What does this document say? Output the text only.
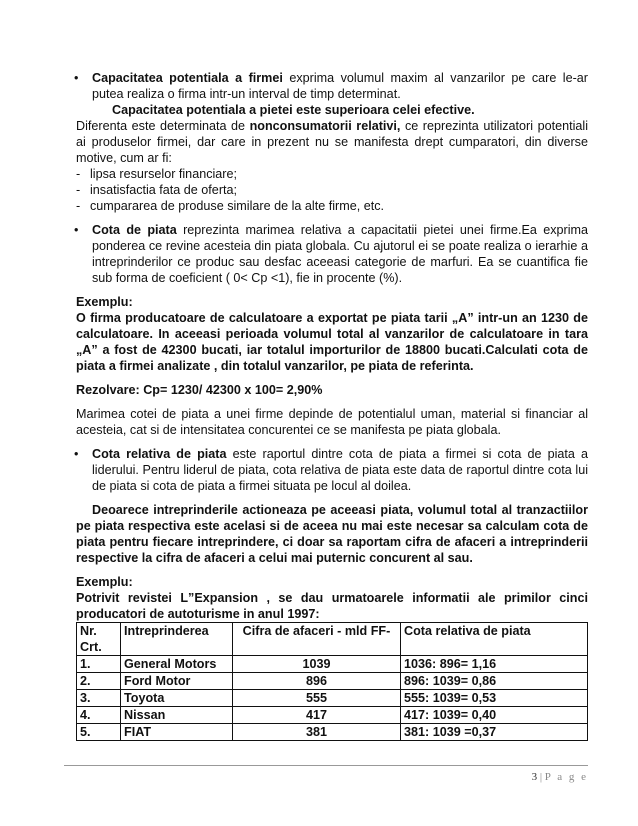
• Capacitatea potentiala a firmei exprima volumul maxim al vanzarilor pe care le-ar putea realiza o firma intr-un interval de timp determinat.

Capacitatea potentiala a pietei este superioara celei efective.

Diferenta este determinata de nonconsumatorii relativi, ce reprezinta utilizatori potentiali ai produselor firmei, dar care in prezent nu se manifesta drept cumparatori, din diverse motive, cum ar fi:

- lipsa resurselor financiare;

- insatisfactia fata de oferta;

- cumpararea de produse similare de la alte firme, etc.

• Cota de piata reprezinta marimea relativa a capacitatii pietei unei firme.Ea exprima ponderea ce revine acesteia din piata globala. Cu ajutorul ei se poate realiza o ierarhie a intreprinderilor ce produc sau desfac aceeasi categorie de marfuri. Ea se cuantifica fie sub forma de coeficient ( 0< Cp <1), fie in procente (%).

Exemplu:

O firma producatoare de calculatoare a exportat pe piata tarii „A” intr-un an 1230 de calculatoare. In aceeasi perioada volumul total al vanzarilor de calculatoare in tara „A” a fost de 42300 bucati, iar totalul importurilor de 18800 bucati.Calculati cota de piata a firmei analizate , din totalul vanzarilor, pe piata de referinta.

Rezolvare: Cp= 1230/ 42300 x 100= 2,90%

Marimea cotei de piata a unei firme depinde de potentialul uman, material si financiar al acesteia, cat si de intensitatea concurentei ce se manifesta pe piata globala.

• Cota relativa de piata este raportul dintre cota de piata a firmei si cota de piata a liderului. Pentru liderul de piata, cota relativa de piata este data de raportul dintre cota lui de piata si cota de piata a firmei situata pe locul al doilea.

Deoarece intreprinderile actioneaza pe aceeasi piata, volumul total al tranzactiilor pe piata respectiva este acelasi si de aceea nu mai este necesar sa calculam cota de piata pentru fiecare intreprindere, ci doar sa raportam cifra de afaceri a intreprinderii respective la cifra de afaceri a celui mai puternic concurent al sau.

Exemplu:

Potrivit revistei L”Expansion , se dau urmatoarele informatii ale primilor cinci producatori de autoturisme in anul 1997:

Nr. Crt.	Intreprinderea	Cifra de afaceri - mld FF-	Cota relativa de piata
1.	General Motors	1039	1036: 896= 1,16
2.	Ford Motor	896	896: 1039= 0,86
3.	Toyota	555	555: 1039= 0,53
4.	Nissan	417	417: 1039= 0,40
5.	FIAT	381	381: 1039 =0,37
3 | P a g e
